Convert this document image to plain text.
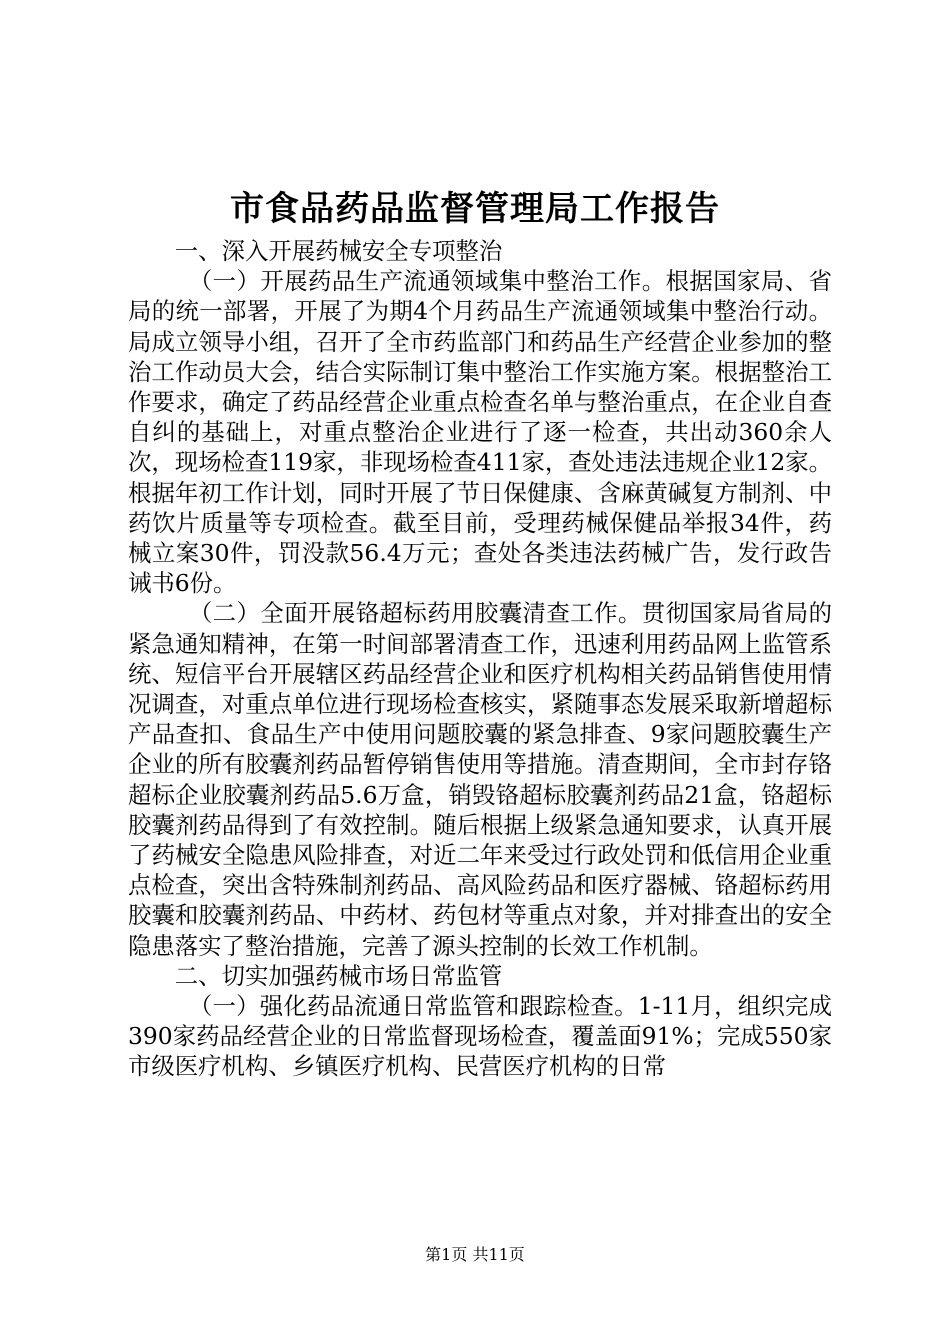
市食品药品监督管理局工作报告

一、深入开展药械安全专项整治

（一）开展药品生产流通领域集中整治工作。根据国家局、省局的统一部署，开展了为期4个月药品生产流通领域集中整治行动。局成立领导小组，召开了全市药监部门和药品生产经营企业参加的整治工作动员大会，结合实际制订集中整治工作实施方案。根据整治工作要求，确定了药品经营企业重点检查名单与整治重点，在企业自查自纠的基础上，对重点整治企业进行了逐一检查，共出动360余人次，现场检查119家，非现场检查411家，查处违法违规企业12家。根据年初工作计划，同时开展了节日保健康、含麻黄碱复方制剂、中药饮片质量等专项检查。截至目前，受理药械保健品举报34件，药械立案30件，罚没款56.4万元；查处各类违法药械广告，发行政告诫书6份。

（二）全面开展铬超标药用胶囊清查工作。贯彻国家局省局的紧急通知精神，在第一时间部署清查工作，迅速利用药品网上监管系统、短信平台开展辖区药品经营企业和医疗机构相关药品销售使用情况调查，对重点单位进行现场检查核实，紧随事态发展采取新增超标产品查扣、食品生产中使用问题胶囊的紧急排查、9家问题胶囊生产企业的所有胶囊剂药品暂停销售使用等措施。清查期间，全市封存铬超标企业胶囊剂药品5.6万盒，销毁铬超标胶囊剂药品21盒，铬超标胶囊剂药品得到了有效控制。随后根据上级紧急通知要求，认真开展了药械安全隐患风险排查，对近二年来受过行政处罚和低信用企业重点检查，突出含特殊制剂药品、高风险药品和医疗器械、铬超标药用胶囊和胶囊剂药品、中药材、药包材等重点对象，并对排查出的安全隐患落实了整治措施，完善了源头控制的长效工作机制。

二、切实加强药械市场日常监管

（一）强化药品流通日常监管和跟踪检查。1-11月，组织完成390家药品经营企业的日常监督现场检查，覆盖面91%；完成550家市级医疗机构、乡镇医疗机构、民营医疗机构的日常

第1页 共11页
